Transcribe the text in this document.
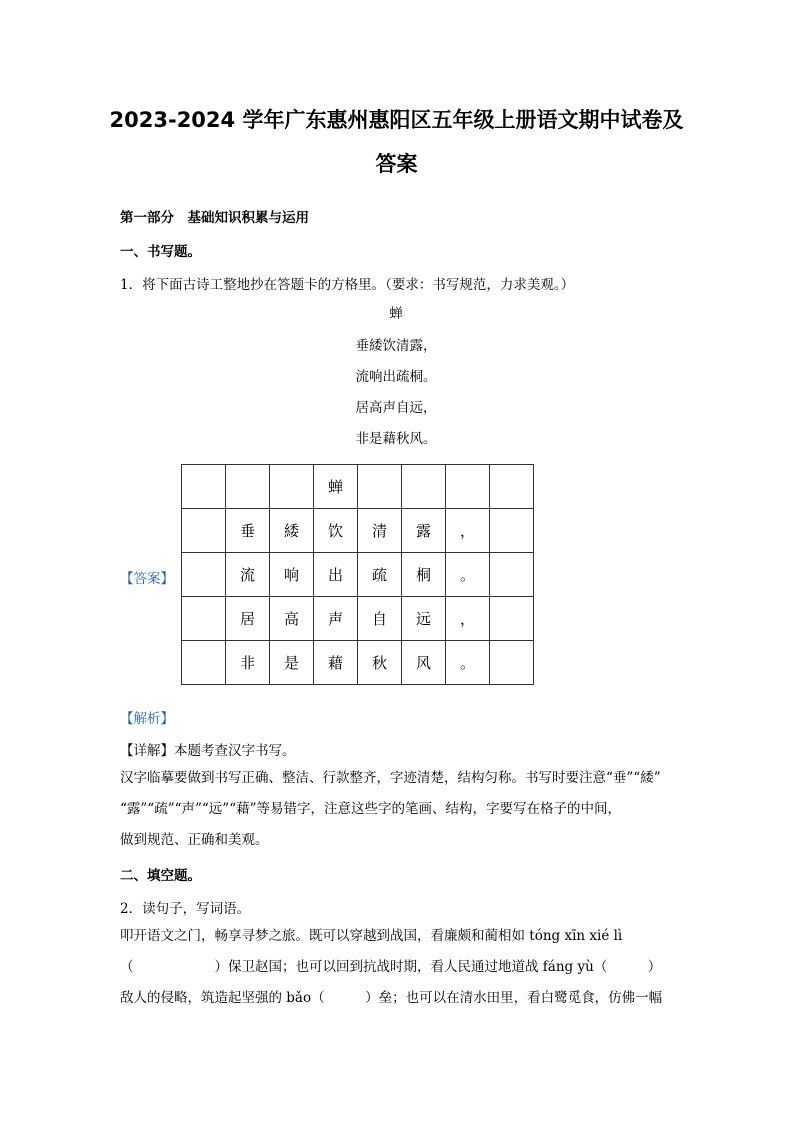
2023-2024 学年广东惠州惠阳区五年级上册语文期中试卷及
答案
第一部分　基础知识积累与运用
一、书写题。
1．将下面古诗工整地抄在答题卡的方格里。（要求：书写规范，力求美观。）
蝉
垂緌饮清露，
流响出疏桐。
居高声自远，
非是藉秋风。
【答案】
			蝉				
	垂	緌	饮	清	露	，	
	流	响	出	疏	桐	。	
	居	高	声	自	远	，	
	非	是	藉	秋	风	。	
【解析】
【详解】本题考查汉字书写。
汉字临摹要做到书写正确、整洁、行款整齐，字迹清楚，结构匀称。书写时要注意“垂”“緌”
“露”“疏”“声”“远”“藉”等易错字，注意这些字的笔画、结构，字要写在格子的中间，
做到规范、正确和美观。
二、填空题。
2．读句子，写词语。
叩开语文之门，畅享寻梦之旅。既可以穿越到战国，看廉颇和蔺相如 tóng xīn xié lì
（　　　　　　）保卫赵国；也可以回到抗战时期，看人民通过地道战 fáng yù（　　　）
敌人的侵略，筑造起坚强的 bǎo（　　　）垒；也可以在清水田里，看白鹭觅食，仿佛一幅
